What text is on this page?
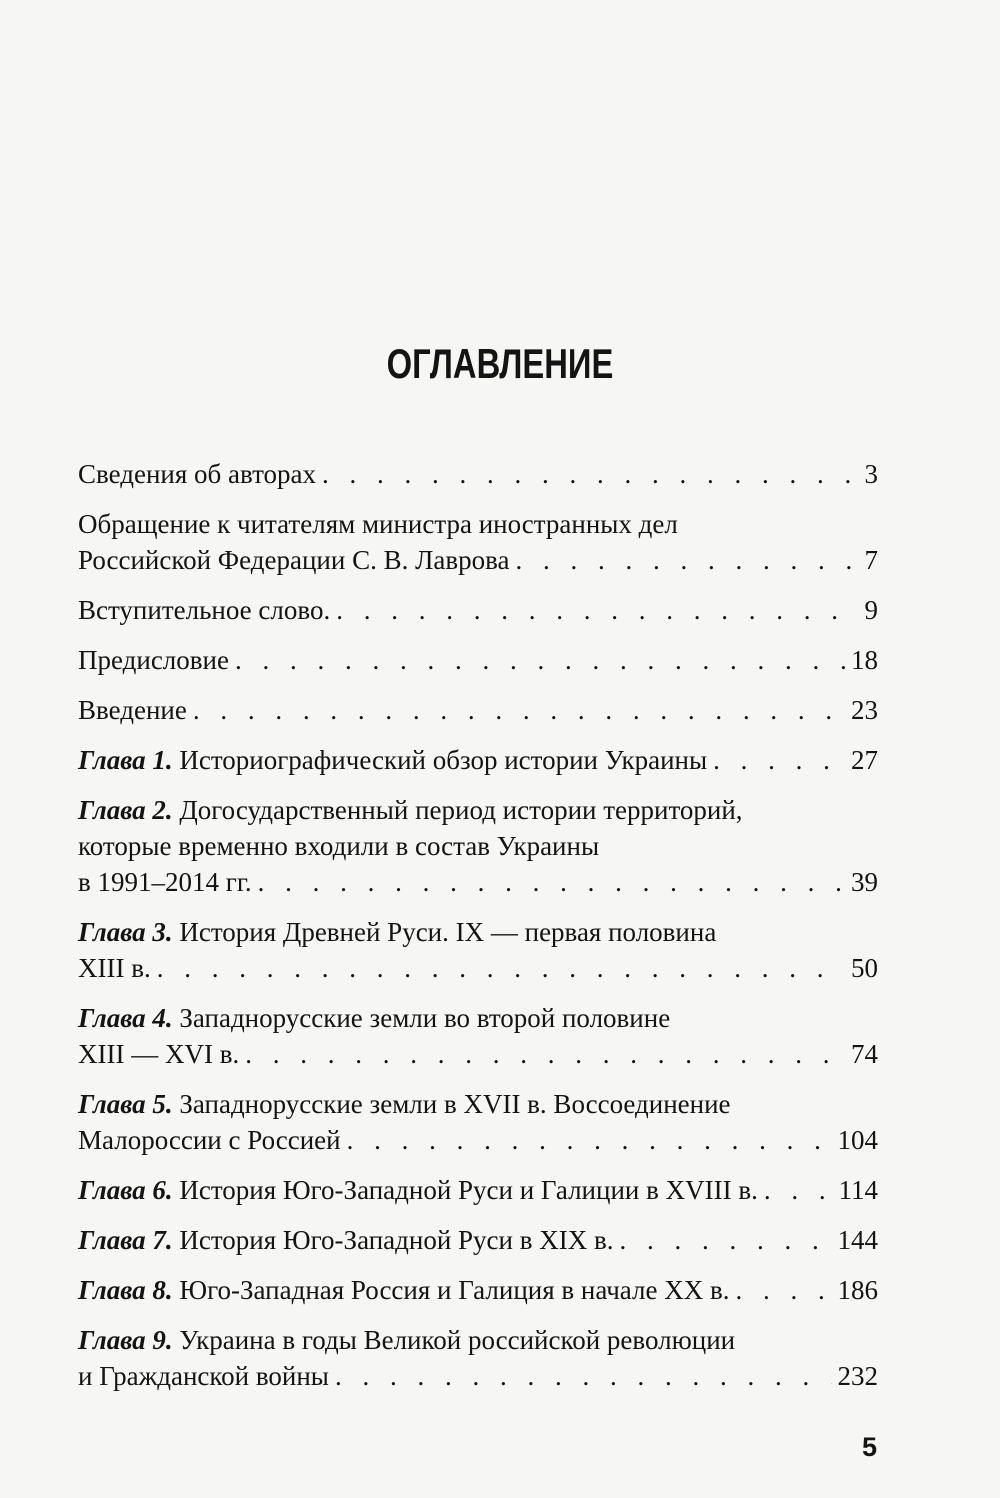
ОГЛАВЛЕНИЕ
Сведения об авторах . . .	3
Обращение к читателям министра иностранных дел
Российской Федерации С. В. Лаврова . . .	7
Вступительное слово. . . .	9
Предисловие . . .	18
Введение . . .	23
Глава 1. Историографический обзор истории Украины . . .	27
Глава 2. Догосударственный период истории территорий,
которые временно входили в состав Украины
в 1991–2014 гг. . . .	39
Глава 3. История Древней Руси. IX — первая половина
XIII в. . . .	50
Глава 4. Западнорусские земли во второй половине
XIII — XVI в. . . .	74
Глава 5. Западнорусские земли в XVII в. Воссоединение
Малороссии с Россией . . .	104
Глава 6. История Юго-Западной Руси и Галиции в XVIII в. . . .	114
Глава 7. История Юго-Западной Руси в XIX в. . . .	144
Глава 8. Юго-Западная Россия и Галиция в начале XX в. . . .	186
Глава 9. Украина в годы Великой российской революции
и Гражданской войны . . .	232
5
